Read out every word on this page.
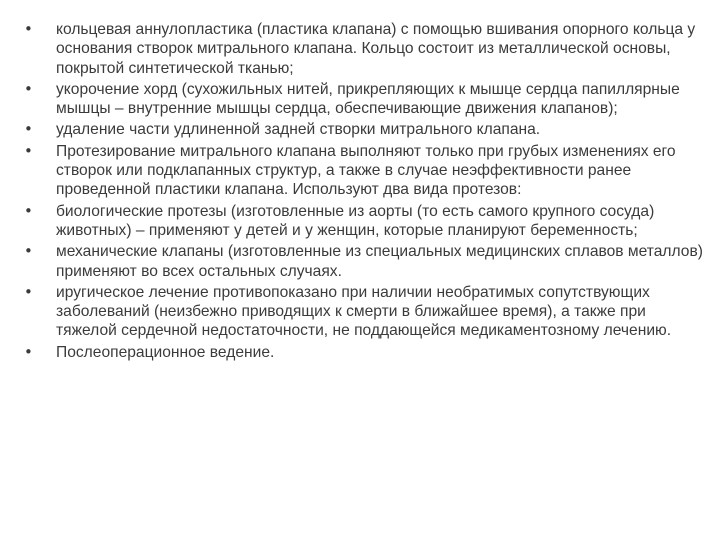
•	кольцевая аннулопластика (пластика клапана) с помощью вшивания опорного кольца у основания створок митрального клапана. Кольцо состоит из металлической основы, покрытой синтетической тканью;
•	укорочение хорд (сухожильных нитей, прикрепляющих к мышце сердца папиллярные мышцы – внутренние мышцы сердца, обеспечивающие движения клапанов);
•	удаление части удлиненной задней створки митрального клапана.
•	Протезирование митрального клапана выполняют только при грубых изменениях его створок или подклапанных структур, а также в случае неэффективности ранее проведенной пластики клапана. Используют два вида протезов:
•	биологические протезы (изготовленные из аорты (то есть самого крупного сосуда) животных) – применяют у детей и у женщин, которые планируют беременность;
•	механические клапаны (изготовленные из специальных медицинских сплавов металлов) применяют во всех остальных случаях.
•	иругическое лечение противопоказано при наличии необратимых сопутствующих заболеваний (неизбежно приводящих к смерти в ближайшее время), а также при тяжелой сердечной недостаточности, не поддающейся медикаментозному лечению.
•	Послеоперационное ведение.
